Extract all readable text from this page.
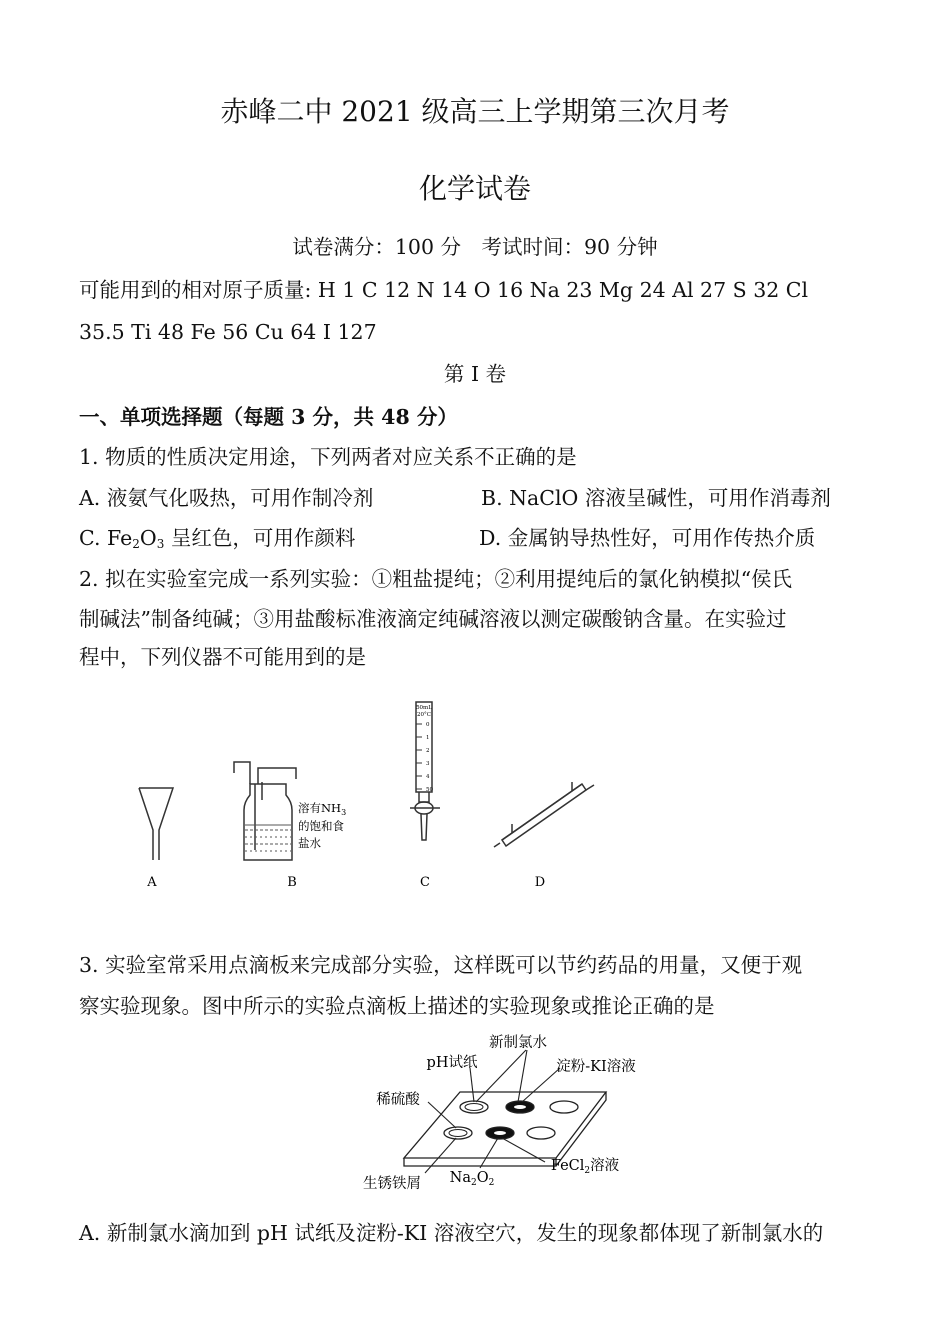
赤峰二中 2021 级高三上学期第三次月考
化学试卷
试卷满分：100 分　考试时间：90 分钟
可能用到的相对原子质量: H 1 C 12 N 14 O 16 Na 23 Mg 24 Al 27 S 32 Cl
35.5 Ti 48 Fe 56 Cu 64 I 127
第 I 卷
一、单项选择题（每题 3 分，共 48 分）
1. 物质的性质决定用途，下列两者对应关系不正确的是
A. 液氨气化吸热，可用作制冷剂	B. NaClO 溶液呈碱性，可用作消毒剂
C. $Fe_2O_3$ 呈红色，可用作颜料	D. 金属钠导热性好，可用作传热介质
2. 拟在实验室完成一系列实验：①粗盐提纯；②利用提纯后的氯化钠模拟“侯氏
制碱法”制备纯碱；③用盐酸标准液滴定纯碱溶液以测定碳酸钠含量。在实验过
程中，下列仪器不可能用到的是
A
溶有$NH_3$
的饱和食
盐水
B
50mL
20°C
0
1
2
3
4
50
C	D
3. 实验室常采用点滴板来完成部分实验，这样既可以节约药品的用量，又便于观
察实验现象。图中所示的实验点滴板上描述的实验现象或推论正确的是
新制氯水
pH试纸	淀粉-KI溶液
稀硫酸
生锈铁屑 $Na_2O_2$
FeCl$_2$溶液
A. 新制氯水滴加到 pH 试纸及淀粉-KI 溶液空穴，发生的现象都体现了新制氯水的
